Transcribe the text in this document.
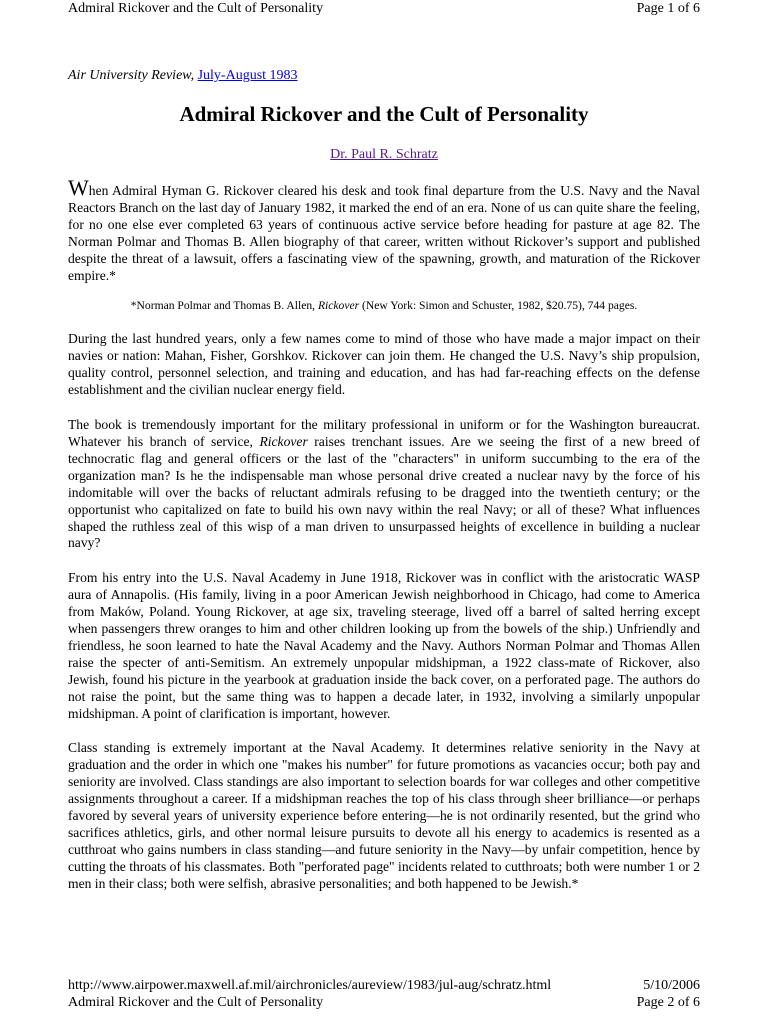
Admiral Rickover and the Cult of Personality	Page 1 of 6
Air University Review, July-August 1983
Admiral Rickover and the Cult of Personality
Dr. Paul R. Schratz

When Admiral Hyman G. Rickover cleared his desk and took final departure from the U.S. Navy and the Naval Reactors Branch on the last day of January 1982, it marked the end of an era. None of us can quite share the feeling, for no one else ever completed 63 years of continuous active service before heading for pasture at age 82. The Norman Polmar and Thomas B. Allen biography of that career, written without Rickover’s support and published despite the threat of a lawsuit, offers a fascinating view of the spawning, growth, and maturation of the Rickover empire.*

*Norman Polmar and Thomas B. Allen, Rickover (New York: Simon and Schuster, 1982, $20.75), 744 pages.

During the last hundred years, only a few names come to mind of those who have made a major impact on their navies or nation: Mahan, Fisher, Gorshkov. Rickover can join them. He changed the U.S. Navy’s ship propulsion, quality control, personnel selection, and training and education, and has had far-reaching effects on the defense establishment and the civilian nuclear energy field.

The book is tremendously important for the military professional in uniform or for the Washington bureaucrat. Whatever his branch of service, Rickover raises trenchant issues. Are we seeing the first of a new breed of technocratic flag and general officers or the last of the "characters" in uniform succumbing to the era of the organization man? Is he the indispensable man whose personal drive created a nuclear navy by the force of his indomitable will over the backs of reluctant admirals refusing to be dragged into the twentieth century; or the opportunist who capitalized on fate to build his own navy within the real Navy; or all of these? What influences shaped the ruthless zeal of this wisp of a man driven to unsurpassed heights of excellence in building a nuclear navy?

From his entry into the U.S. Naval Academy in June 1918, Rickover was in conflict with the aristocratic WASP aura of Annapolis. (His family, living in a poor American Jewish neighborhood in Chicago, had come to America from Maków, Poland. Young Rickover, at age six, traveling steerage, lived off a barrel of salted herring except when passengers threw oranges to him and other children looking up from the bowels of the ship.) Unfriendly and friendless, he soon learned to hate the Naval Academy and the Navy. Authors Norman Polmar and Thomas Allen raise the specter of anti-Semitism. An extremely unpopular midshipman, a 1922 class-mate of Rickover, also Jewish, found his picture in the yearbook at graduation inside the back cover, on a perforated page. The authors do not raise the point, but the same thing was to happen a decade later, in 1932, involving a similarly unpopular midshipman. A point of clarification is important, however.

Class standing is extremely important at the Naval Academy. It determines relative seniority in the Navy at graduation and the order in which one "makes his number" for future promotions as vacancies occur; both pay and seniority are involved. Class standings are also important to selection boards for war colleges and other competitive assignments throughout a career. If a midshipman reaches the top of his class through sheer brilliance—or perhaps favored by several years of university experience before entering—he is not ordinarily resented, but the grind who sacrifices athletics, girls, and other normal leisure pursuits to devote all his energy to academics is resented as a cutthroat who gains numbers in class standing—and future seniority in the Navy—by unfair competition, hence by cutting the throats of his classmates. Both "perforated page" incidents related to cutthroats; both were number 1 or 2 men in their class; both were selfish, abrasive personalities; and both happened to be Jewish.*

http://www.airpower.maxwell.af.mil/airchronicles/aureview/1983/jul-aug/schratz.html	5/10/2006
Admiral Rickover and the Cult of Personality	Page 2 of 6
